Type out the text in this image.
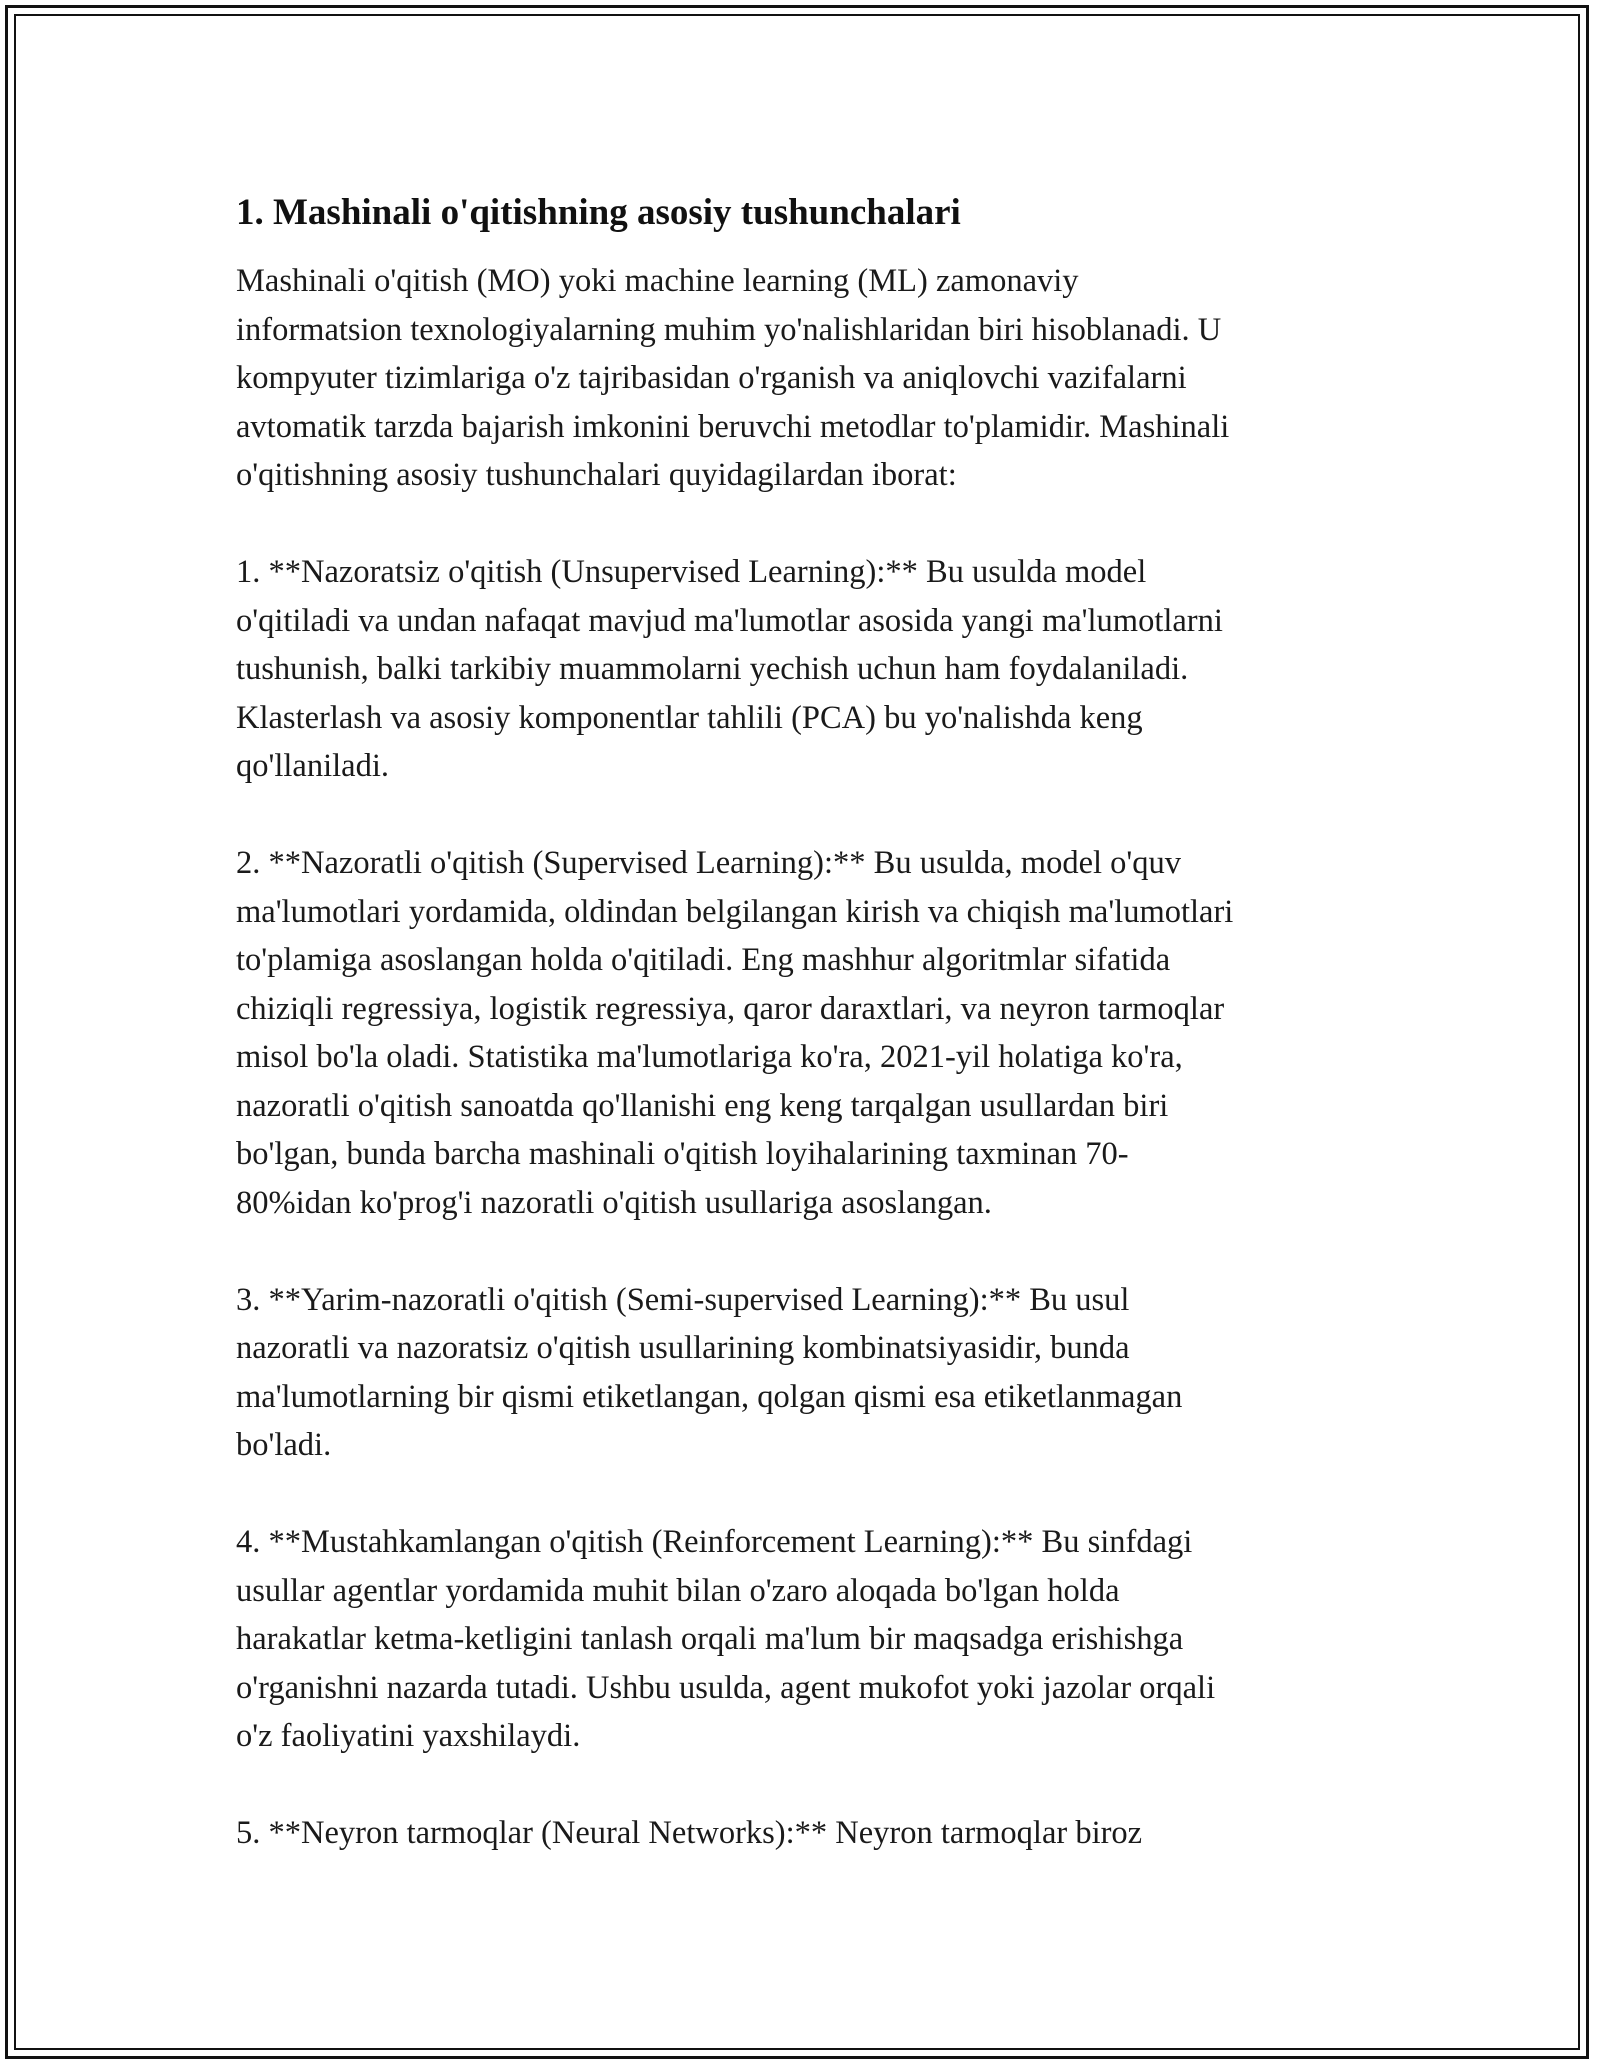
1. Mashinali o'qitishning asosiy tushunchalari

Mashinali o'qitish (MO) yoki machine learning (ML) zamonaviy
informatsion texnologiyalarning muhim yo'nalishlaridan biri hisoblanadi. U
kompyuter tizimlariga o'z tajribasidan o'rganish va aniqlovchi vazifalarni
avtomatik tarzda bajarish imkonini beruvchi metodlar to'plamidir. Mashinali
o'qitishning asosiy tushunchalari quyidagilardan iborat:

1. **Nazoratsiz o'qitish (Unsupervised Learning):** Bu usulda model
o'qitiladi va undan nafaqat mavjud ma'lumotlar asosida yangi ma'lumotlarni
tushunish, balki tarkibiy muammolarni yechish uchun ham foydalaniladi.
Klasterlash va asosiy komponentlar tahlili (PCA) bu yo'nalishda keng
qo'llaniladi.

2. **Nazoratli o'qitish (Supervised Learning):** Bu usulda, model o'quv
ma'lumotlari yordamida, oldindan belgilangan kirish va chiqish ma'lumotlari
to'plamiga asoslangan holda o'qitiladi. Eng mashhur algoritmlar sifatida
chiziqli regressiya, logistik regressiya, qaror daraxtlari, va neyron tarmoqlar
misol bo'la oladi. Statistika ma'lumotlariga ko'ra, 2021-yil holatiga ko'ra,
nazoratli o'qitish sanoatda qo'llanishi eng keng tarqalgan usullardan biri
bo'lgan, bunda barcha mashinali o'qitish loyihalarining taxminan 70-
80%idan ko'prog'i nazoratli o'qitish usullariga asoslangan.

3. **Yarim-nazoratli o'qitish (Semi-supervised Learning):** Bu usul
nazoratli va nazoratsiz o'qitish usullarining kombinatsiyasidir, bunda
ma'lumotlarning bir qismi etiketlangan, qolgan qismi esa etiketlanmagan
bo'ladi.

4. **Mustahkamlangan o'qitish (Reinforcement Learning):** Bu sinfdagi
usullar agentlar yordamida muhit bilan o'zaro aloqada bo'lgan holda
harakatlar ketma-ketligini tanlash orqali ma'lum bir maqsadga erishishga
o'rganishni nazarda tutadi. Ushbu usulda, agent mukofot yoki jazolar orqali
o'z faoliyatini yaxshilaydi.

5. **Neyron tarmoqlar (Neural Networks):** Neyron tarmoqlar biroz
